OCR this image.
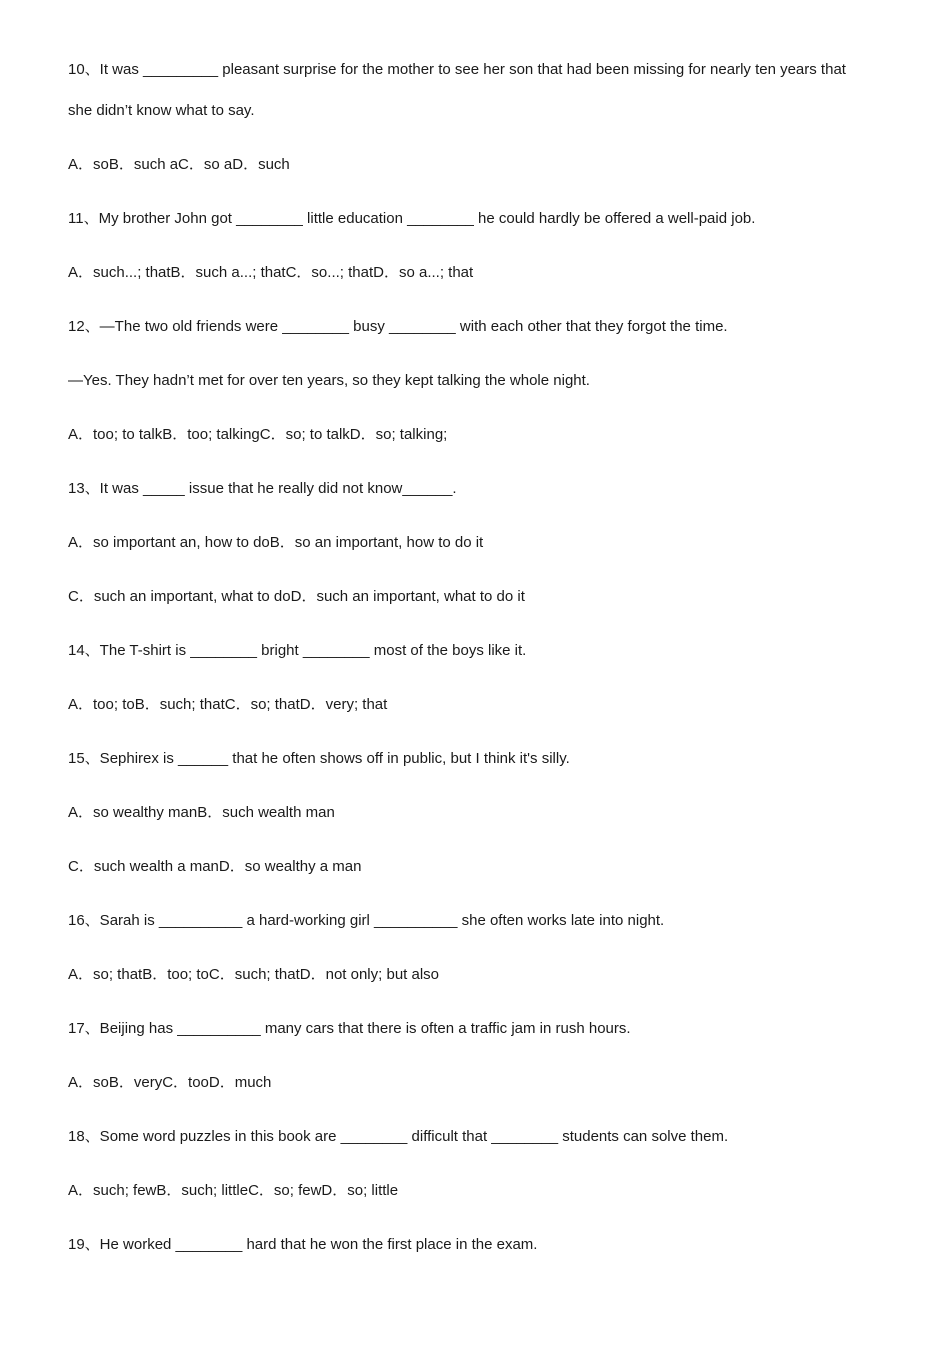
10、It was _________ pleasant surprise for the mother to see her son that had been missing for nearly ten years that
she didn’t know what to say.
A．soB．such aC．so aD．such
11、My brother John got ________ little education ________ he could hardly be offered a well-paid job.
A．such...; thatB．such a...; thatC．so...; thatD．so a...; that
12、—The two old friends were ________ busy ________ with each other that they forgot the time.
—Yes. They hadn’t met for over ten years, so they kept talking the whole night.
A．too; to talkB．too; talkingC．so; to talkD．so; talking;
13、It was _____ issue that he really did not know______.
A．so important an, how to doB．so an important, how to do it
C．such an important, what to doD．such an important, what to do it
14、The T-shirt is ________ bright ________ most of the boys like it.
A．too; toB．such; thatC．so; thatD．very; that
15、Sephirex is ______ that he often shows off in public, but I think it's silly.
A．so wealthy manB．such wealth man
C．such wealth a manD．so wealthy a man
16、Sarah is __________ a hard-working girl __________ she often works late into night.
A．so; thatB．too; toC．such; thatD．not only; but also
17、Beijing has __________ many cars that there is often a traffic jam in rush hours.
A．soB．veryC．tooD．much
18、Some word puzzles in this book are ________ difficult that ________ students can solve them.
A．such; fewB．such; littleC．so; fewD．so; little
19、He worked ________ hard that he won the first place in the exam.
